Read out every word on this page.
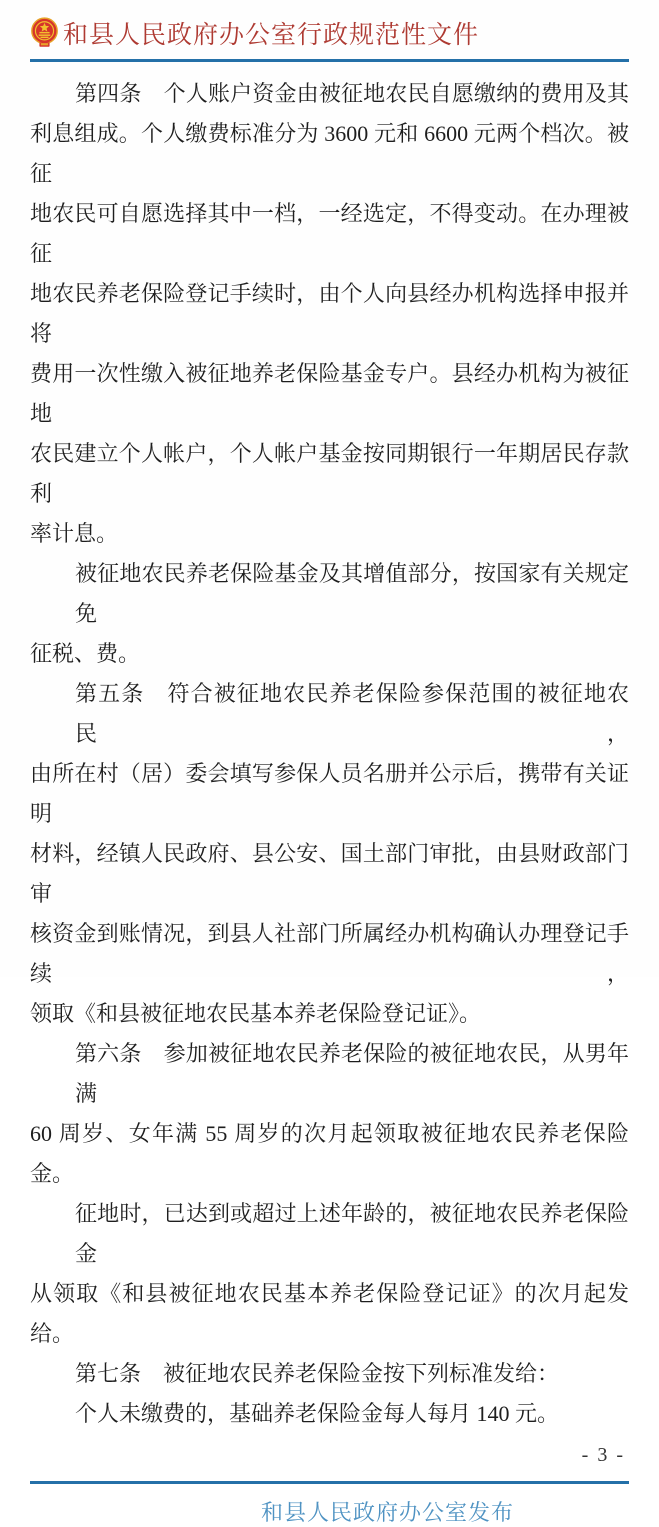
和县人民政府办公室行政规范性文件
第四条　个人账户资金由被征地农民自愿缴纳的费用及其
利息组成。个人缴费标准分为 3600 元和 6600 元两个档次。被征
地农民可自愿选择其中一档，一经选定，不得变动。在办理被征
地农民养老保险登记手续时，由个人向县经办机构选择申报并将
费用一次性缴入被征地养老保险基金专户。县经办机构为被征地
农民建立个人帐户，个人帐户基金按同期银行一年期居民存款利
率计息。
被征地农民养老保险基金及其增值部分，按国家有关规定免
征税、费。
第五条　符合被征地农民养老保险参保范围的被征地农民，
由所在村（居）委会填写参保人员名册并公示后，携带有关证明
材料，经镇人民政府、县公安、国土部门审批，由县财政部门审
核资金到账情况，到县人社部门所属经办机构确认办理登记手续，
领取《和县被征地农民基本养老保险登记证》。
第六条　参加被征地农民养老保险的被征地农民，从男年满
60 周岁、女年满 55 周岁的次月起领取被征地农民养老保险金。
征地时，已达到或超过上述年龄的，被征地农民养老保险金
从领取《和县被征地农民基本养老保险登记证》的次月起发给。
第七条　被征地农民养老保险金按下列标准发给：
个人未缴费的，基础养老保险金每人每月 140 元。
- 3 -
和县人民政府办公室发布
